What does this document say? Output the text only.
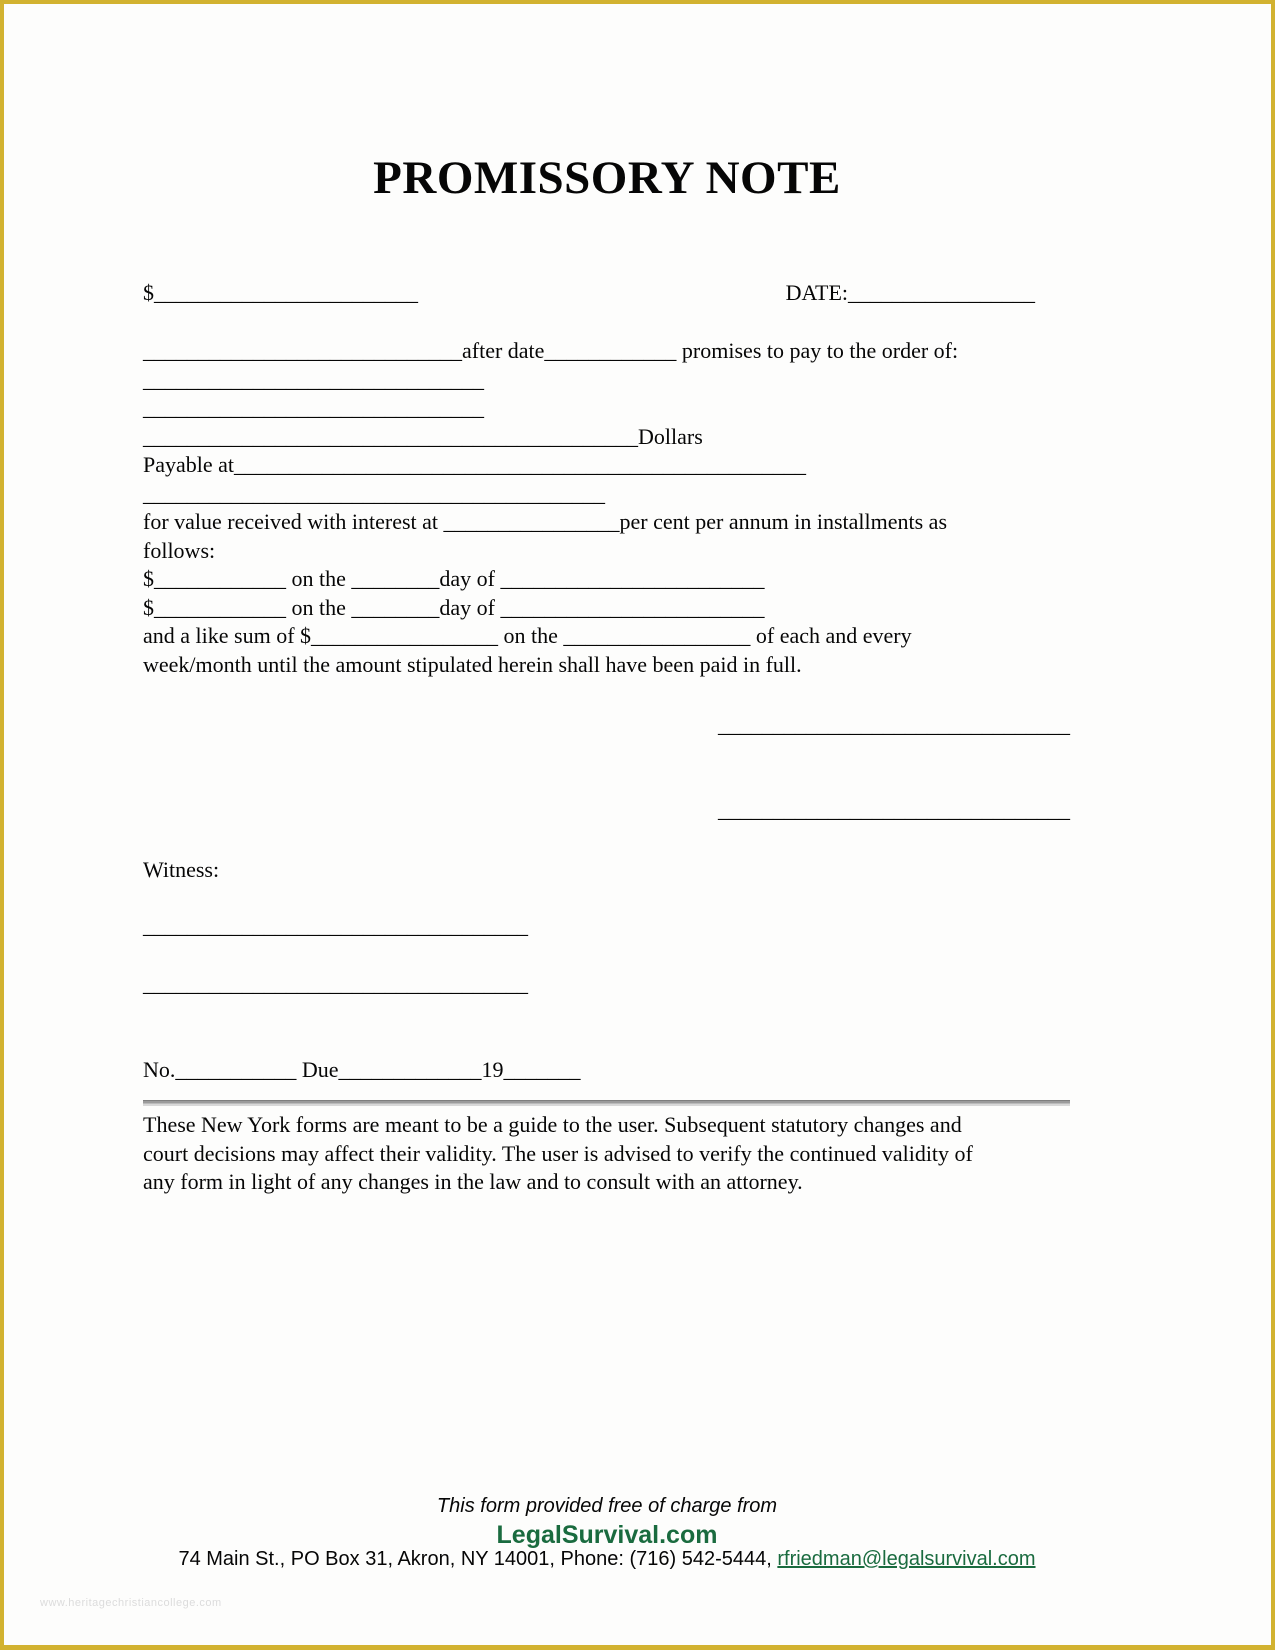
PROMISSORY NOTE
$________________________	DATE:_________________
_____________________________after date____________ promises to pay to the order of:
_______________________________
_______________________________
_____________________________________________Dollars
Payable at____________________________________________________
__________________________________________
for value received with interest at ________________per cent per annum in installments as
follows:
$____________ on the ________day of ________________________
$____________ on the ________day of ________________________
and a like sum of $_________________ on the _________________ of each and every
week/month until the amount stipulated herein shall have been paid in full.
________________________________
________________________________
Witness:
___________________________________
___________________________________
No.___________ Due_____________19_______
These New York forms are meant to be a guide to the user. Subsequent statutory changes and
court decisions may affect their validity. The user is advised to verify the continued validity of
any form in light of any changes in the law and to consult with an attorney.
This form provided free of charge from
LegalSurvival.com
74 Main St., PO Box 31, Akron, NY 14001, Phone: (716) 542-5444, rfriedman@legalsurvival.com
www.heritagechristiancollege.com
